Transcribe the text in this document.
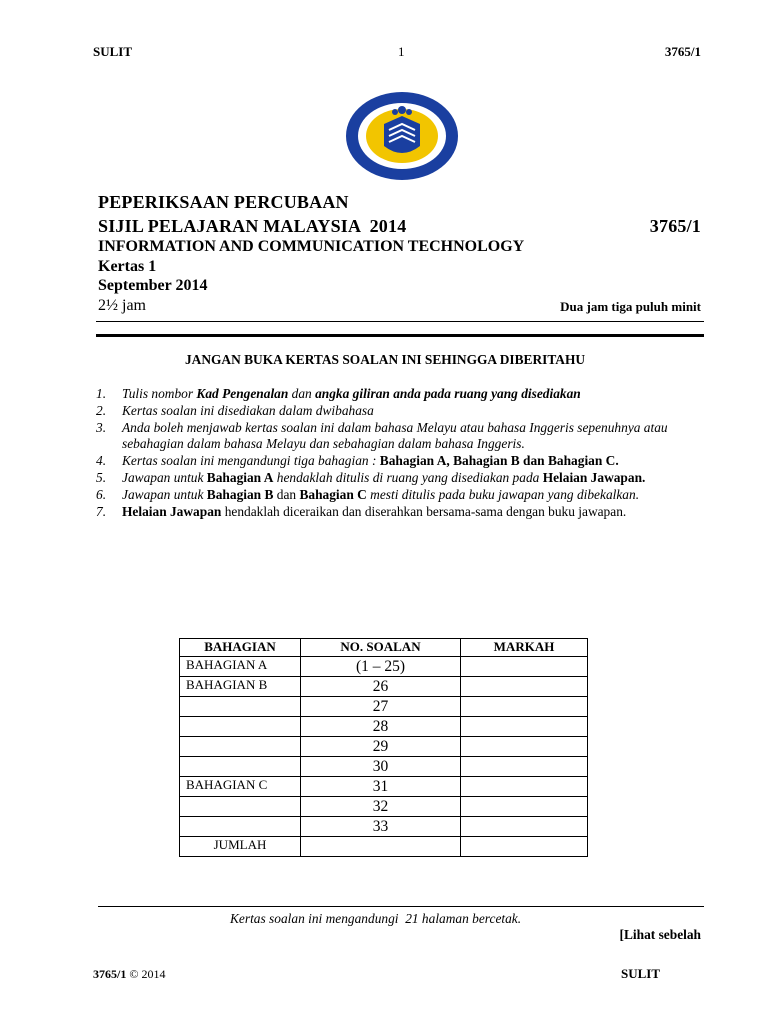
SULIT	1	3765/1
PEPERIKSAAN PERCUBAAN
SIJIL PELAJARAN MALAYSIA  2014	3765/1
INFORMATION AND COMMUNICATION TECHNOLOGY
Kertas 1
September 2014
2½ jam	Dua jam tiga puluh minit
JANGAN BUKA KERTAS SOALAN INI SEHINGGA DIBERITAHU
1. Tulis nombor Kad Pengenalan dan angka giliran anda pada ruang yang disediakan
2. Kertas soalan ini disediakan dalam dwibahasa
3. Anda boleh menjawab kertas soalan ini dalam bahasa Melayu atau bahasa Inggeris sepenuhnya atau sebahagian dalam bahasa Melayu dan sebahagian dalam bahasa Inggeris.
4. Kertas soalan ini mengandungi tiga bahagian : Bahagian A, Bahagian B dan Bahagian C.
5. Jawapan untuk Bahagian A hendaklah ditulis di ruang yang disediakan pada Helaian Jawapan.
6. Jawapan untuk Bahagian B dan Bahagian C mesti ditulis pada buku jawapan yang dibekalkan.
7. Helaian Jawapan hendaklah diceraikan dan diserahkan bersama-sama dengan buku jawapan.
BAHAGIAN	NO. SOALAN	MARKAH
BAHAGIAN A	(1 – 25)	
BAHAGIAN B	26	
	27	
	28	
	29	
	30	
BAHAGIAN C	31	
	32	
	33	
JUMLAH		
Kertas soalan ini mengandungi  21 halaman bercetak.
[Lihat sebelah
3765/1 © 2014	SULIT
